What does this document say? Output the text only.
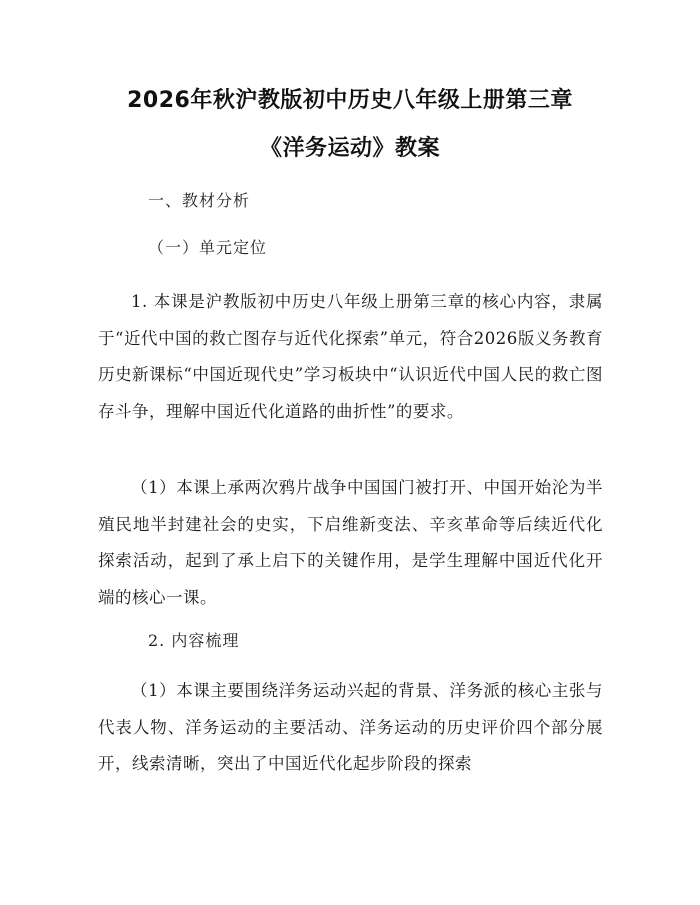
2026年秋沪教版初中历史八年级上册第三章
《洋务运动》教案
一、教材分析
（一）单元定位
1. 本课是沪教版初中历史八年级上册第三章的核心内容，隶属于“近代中国的救亡图存与近代化探索”单元，符合2026版义务教育历史新课标“中国近现代史”学习板块中“认识近代中国人民的救亡图存斗争，理解中国近代化道路的曲折性”的要求。
（1）本课上承两次鸦片战争中国国门被打开、中国开始沦为半殖民地半封建社会的史实，下启维新变法、辛亥革命等后续近代化探索活动，起到了承上启下的关键作用，是学生理解中国近代化开端的核心一课。
2. 内容梳理
（1）本课主要围绕洋务运动兴起的背景、洋务派的核心主张与代表人物、洋务运动的主要活动、洋务运动的历史评价四个部分展开，线索清晰，突出了中国近代化起步阶段的探索
